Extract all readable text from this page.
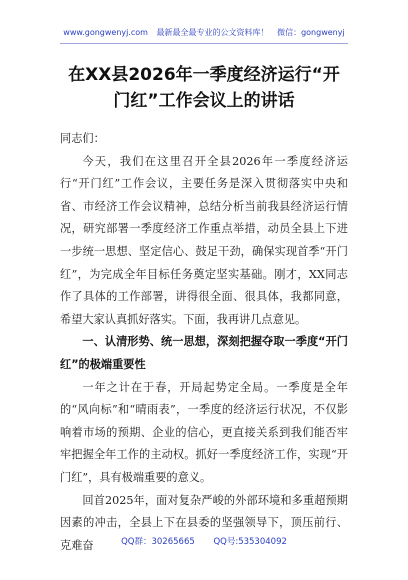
www.gongwenyj.com 最新最全最专业的公文资料库！ 微信：gongwenyj
在XX县2026年一季度经济运行“开门红”工作会议上的讲话

同志们：

今天，我们在这里召开全县2026年一季度经济运行“开门红”工作会议，主要任务是深入贯彻落实中央和省、市经济工作会议精神，总结分析当前我县经济运行情况，研究部署一季度经济工作重点举措，动员全县上下进一步统一思想、坚定信心、鼓足干劲，确保实现首季“开门红”，为完成全年目标任务奠定坚实基础。刚才，XX同志作了具体的工作部署，讲得很全面、很具体，我都同意，希望大家认真抓好落实。下面，我再讲几点意见。

一、认清形势、统一思想，深刻把握夺取一季度“开门红”的极端重要性

一年之计在于春，开局起势定全局。一季度是全年的“风向标”和“晴雨表”，一季度的经济运行状况，不仅影响着市场的预期、企业的信心，更直接关系到我们能否牢牢把握全年工作的主动权。抓好一季度经济工作，实现“开门红”，具有极端重要的意义。

回首2025年，面对复杂严峻的外部环境和多重超预期因素的冲击，全县上下在县委的坚强领导下，顶压前行、克难奋	QQ群：30265665 QQ号:535304092
